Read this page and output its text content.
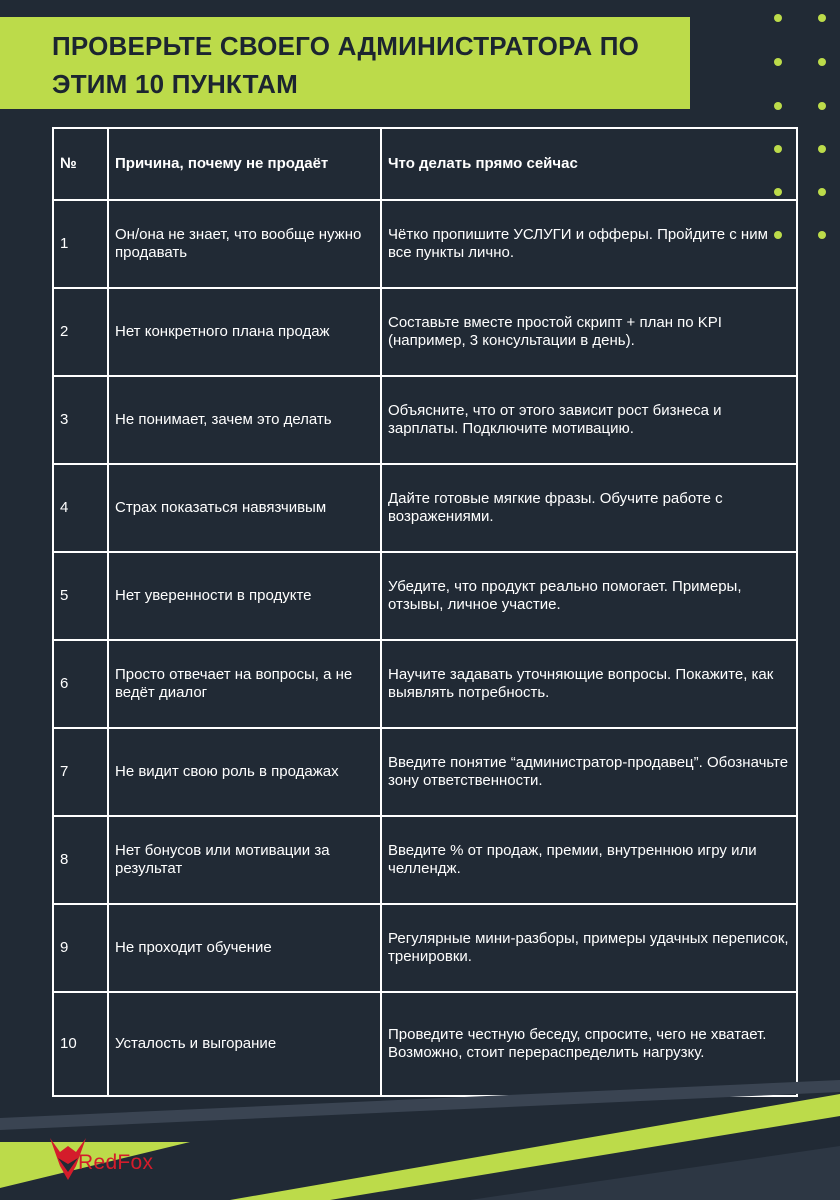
ПРОВЕРЬТЕ СВОЕГО АДМИНИСТРАТОРА ПО ЭТИМ 10 ПУНКТАМ
№	Причина, почему не продаёт	Что делать прямо сейчас
1	Он/она не знает, что вообще нужно продавать	Чётко пропишите УСЛУГИ и офферы. Пройдите с ним все пункты лично.
2	Нет конкретного плана продаж	Составьте вместе простой скрипт + план по KPI (например, 3 консультации в день).
3	Не понимает, зачем это делать	Объясните, что от этого зависит рост бизнеса и зарплаты. Подключите мотивацию.
4	Страх показаться навязчивым	Дайте готовые мягкие фразы. Обучите работе с возражениями.
5	Нет уверенности в продукте	Убедите, что продукт реально помогает. Примеры, отзывы, личное участие.
6	Просто отвечает на вопросы, а не ведёт диалог	Научите задавать уточняющие вопросы. Покажите, как выявлять потребность.
7	Не видит свою роль в продажах	Введите понятие “администратор-продавец”. Обозначьте зону ответственности.
8	Нет бонусов или мотивации за результат	Введите % от продаж, премии, внутреннюю игру или челлендж.
9	Не проходит обучение	Регулярные мини-разборы, примеры удачных переписок, тренировки.
10	Усталость и выгорание	Проведите честную беседу, спросите, чего не хватает. Возможно, стоит перераспределить нагрузку.
RedFox
